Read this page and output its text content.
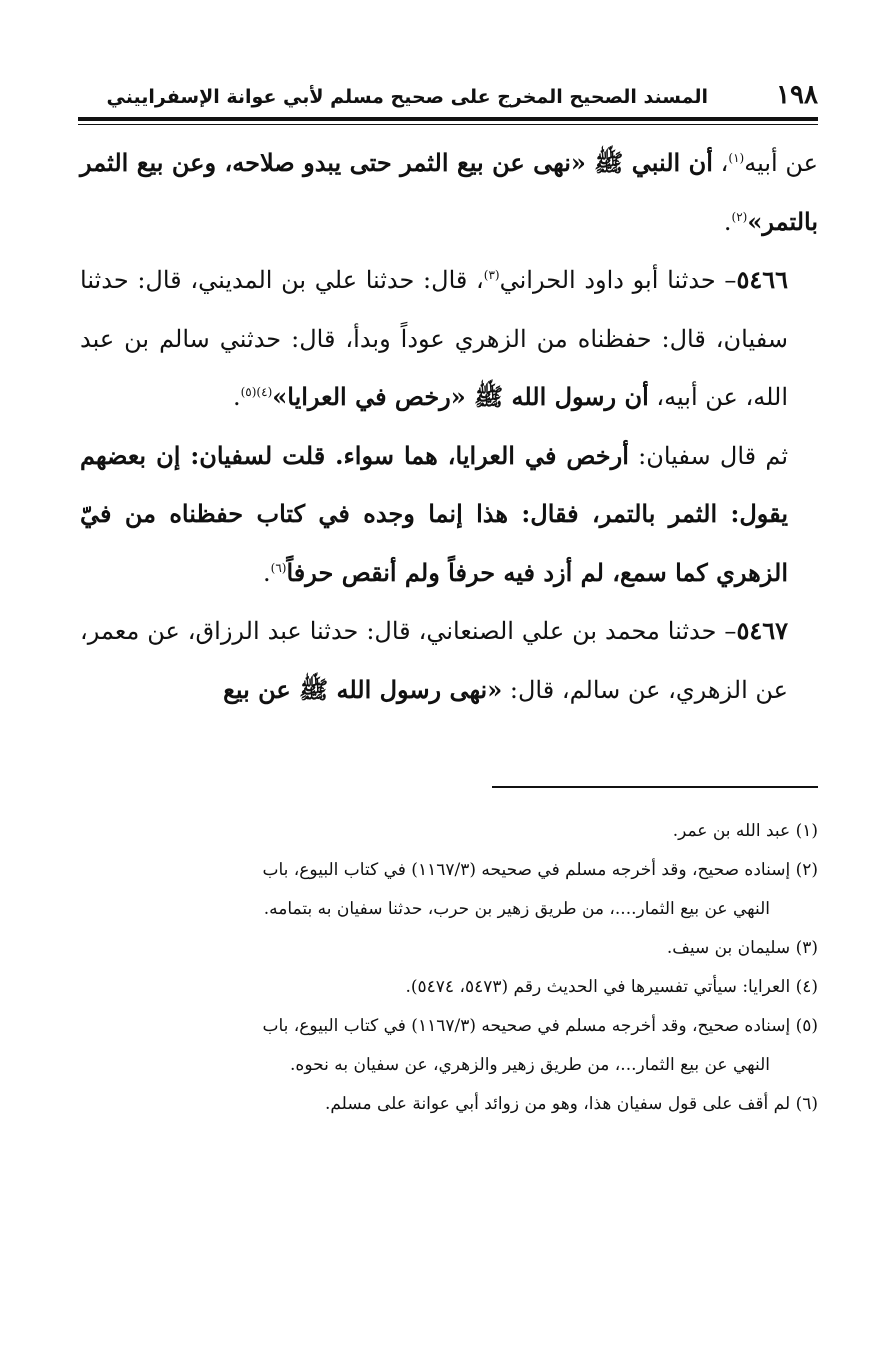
١٩٨
المسند الصحيح المخرج على صحيح مسلم لأبي عوانة الإسفراييني

عن أبيه$^{(١)}$، أن النبي ﷺ «نهى عن بيع الثمر حتى يبدو صلاحه، وعن بيع الثمر بالتمر»$^{(٢)}$.

٥٤٦٦– حدثنا أبو داود الحراني$^{(٣)}$، قال: حدثنا علي بن المديني، قال: حدثنا سفيان، قال: حفظناه من الزهري عوداً وبدأ، قال: حدثني سالم بن عبد الله، عن أبيه، أن رسول الله ﷺ «رخص في العرايا»$^{(٤)(٥)}$.

ثم قال سفيان: أرخص في العرايا، هما سواء. قلت لسفيان: إن بعضهم يقول: الثمر بالتمر، فقال: هذا إنما وجده في كتاب حفظناه من فيّ الزهري كما سمع، لم أزد فيه حرفاً ولم أنقص حرفاً$^{(٦)}$.

٥٤٦٧– حدثنا محمد بن علي الصنعاني، قال: حدثنا عبد الرزاق، عن معمر، عن الزهري، عن سالم، قال: «نهى رسول الله ﷺ عن بيع

(١) عبد الله بن عمر.

(٢) إسناده صحيح، وقد أخرجه مسلم في صحيحه (١١٦٧/٣) في كتاب البيوع، باب

النهي عن بيع الثمار....، من طريق زهير بن حرب، حدثنا سفيان به بتمامه.

(٣) سليمان بن سيف.

(٤) العرايا: سيأتي تفسيرها في الحديث رقم (٥٤٧٣، ٥٤٧٤).

(٥) إسناده صحيح، وقد أخرجه مسلم في صحيحه (١١٦٧/٣) في كتاب البيوع، باب

النهي عن بيع الثمار...، من طريق زهير والزهري، عن سفيان به نحوه.

(٦) لم أقف على قول سفيان هذا، وهو من زوائد أبي عوانة على مسلم.
